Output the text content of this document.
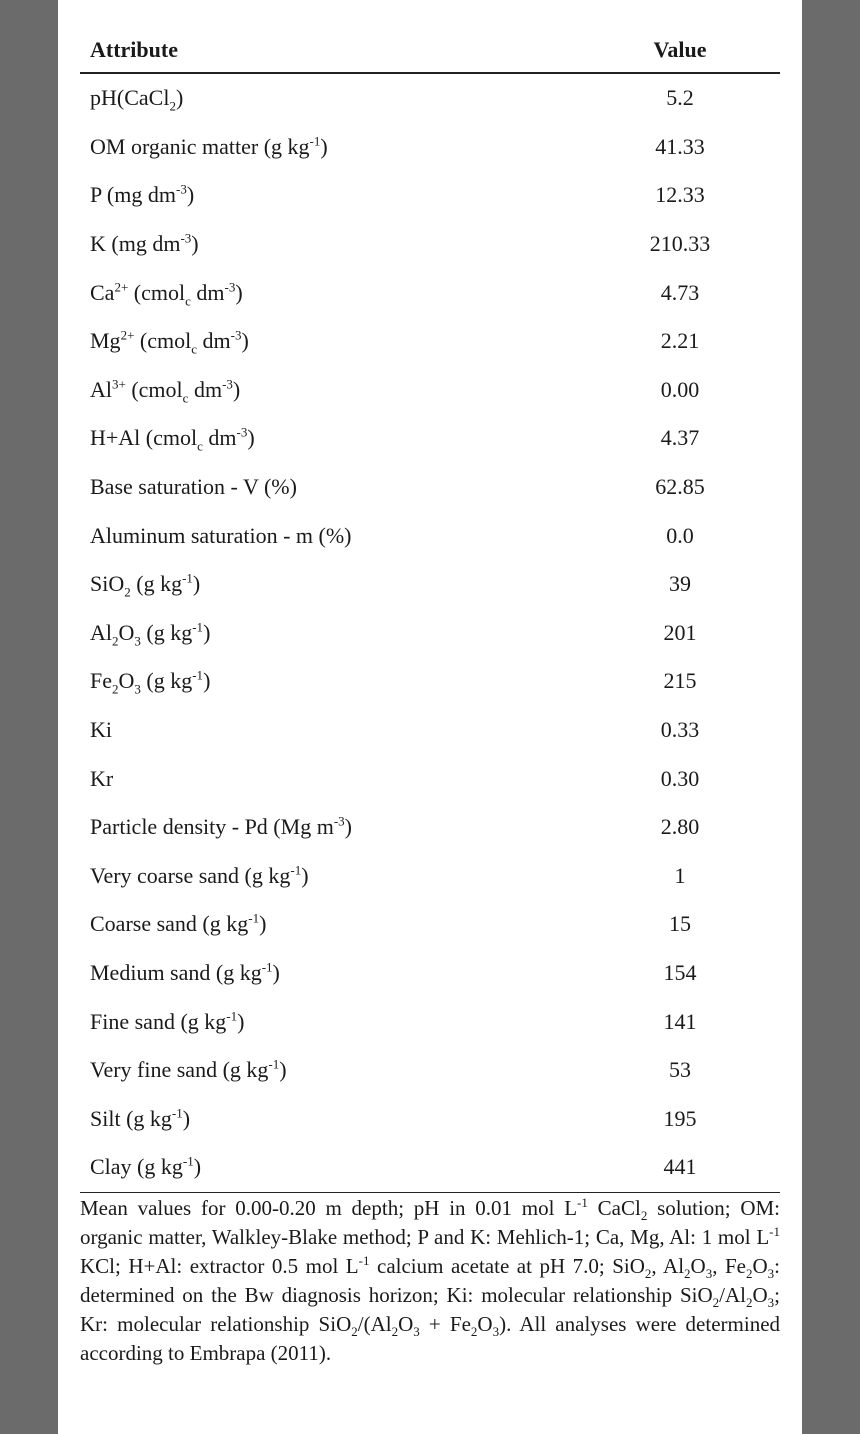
Attribute	Value
pH(CaCl$_2$)	5.2
OM organic matter (g $kg^{-1}$)	41.33
P (mg $dm^{-3}$)	12.33
K (mg $dm^{-3}$)	210.33
$Ca^{2+}$ (cmol$_c$ $dm^{-3}$)	4.73
$Mg^{2+}$ (cmol$_c$ $dm^{-3}$)	2.21
$Al^{3+}$ (cmol$_c$ $dm^{-3}$)	0.00
H+Al (cmol$_c$ $dm^{-3}$)	4.37
Base saturation - V (%)	62.85
Aluminum saturation - m (%)	0.0
SiO$_2$ (g $kg^{-1}$)	39
$Al_2O_3$ (g $kg^{-1}$)	201
$Fe_2O_3$ (g $kg^{-1}$)	215
Ki	0.33
Kr	0.30
Particle density - Pd (Mg $m^{-3}$)	2.80
Very coarse sand (g $kg^{-1}$)	1
Coarse sand (g $kg^{-1}$)	15
Medium sand (g $kg^{-1}$)	154
Fine sand (g $kg^{-1}$)	141
Very fine sand (g $kg^{-1}$)	53
Silt (g $kg^{-1}$)	195
Clay (g $kg^{-1}$)	441
Mean values for 0.00-0.20 m depth; pH in 0.01 mol $L^{-1}$ CaCl$_2$ solution; OM: organic matter, Walkley-Blake method; P and K: Mehlich-1; Ca, Mg, Al: 1 mol $L^{-1}$ KCl; H+Al: extractor 0.5 mol $L^{-1}$ calcium acetate at pH 7.0; SiO$_2$, $Al_2O_3$, $Fe_2O_3$: determined on the Bw diagnosis horizon; Ki: molecular relationship $SiO_2/Al_2O_3$; Kr: molecular relationship $SiO_2/(Al_2O_3 + Fe_2O_3)$. All analyses were determined according to Embrapa (2011).
